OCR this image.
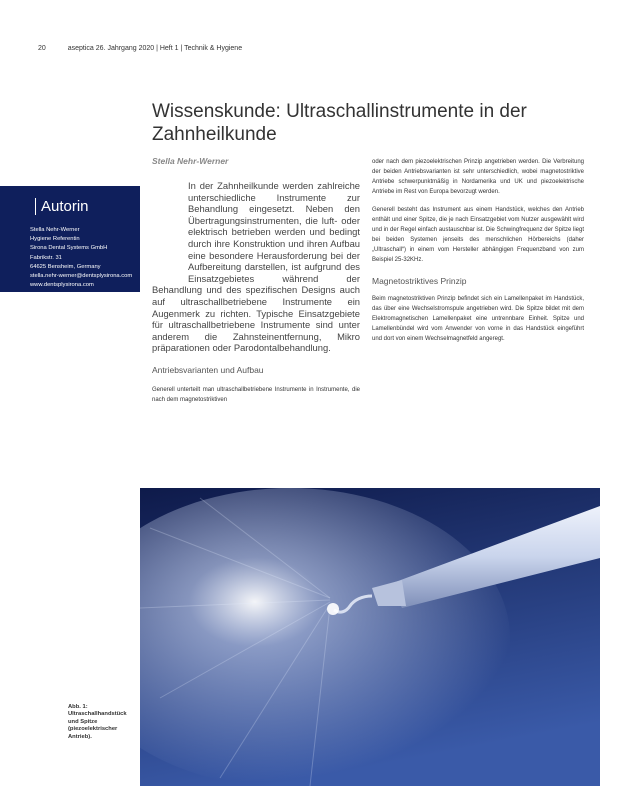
20	aseptica 26. Jahrgang 2020 | Heft 1 | Technik & Hygiene
Wissenskunde: Ultraschallinstrumente in der Zahnheilkunde
Stella Nehr-Werner
Autorin
Stella Nehr-Werner
Hygiene Referentin
Sirona Dental Systems GmbH
Fabrikstr. 31
64625 Bensheim, Germany
stella.nehr-werner@dentsplysirona.com
www.dentsplysirona.com

In der Zahnheilkunde werden zahlreiche unterschiedliche Instrumente zur Behandlung eingesetzt. Neben den Übertragungsinstrumenten, die luft- oder elektrisch betrieben werden und bedingt durch ihre Konstruktion und ihren Aufbau eine besondere Herausforderung bei der Aufbereitung darstellen, ist aufgrund des Einsatzgebietes während der Behandlung und des spezifischen Designs auch auf ultraschallbetriebene Instrumente ein Augenmerk zu richten. Typische Einsatzgebiete für ultraschallbetriebene Instrumente sind unter anderem die Zahnsteinentfernung, Mikro präparationen oder Parodontalbehandlung.

Antriebsvarianten und Aufbau

Generell unterteilt man ultraschallbetriebene Instrumente in Instrumente, die nach dem magnetostriktiven

oder nach dem piezoelektrischen Prinzip angetrieben werden. Die Verbreitung der beiden Antriebsvarianten ist sehr unterschiedlich, wobei magnetostriktive Antriebe schwerpunktmäßig in Nordamerika und UK und piezoelektrische Antriebe im Rest von Europa bevorzugt werden.

Generell besteht das Instrument aus einem Handstück, welches den Antrieb enthält und einer Spitze, die je nach Einsatzgebiet vom Nutzer ausgewählt wird und in der Regel einfach austauschbar ist. Die Schwingfrequenz der Spitze liegt bei beiden Systemen jenseits des menschlichen Hörbereichs (daher „Ultraschall“) in einem vom Hersteller abhängigen Frequenzband von zum Beispiel 25-32KHz.

Magnetostriktives Prinzip

Beim magnetostriktiven Prinzip befindet sich ein Lamellenpaket im Handstück, das über eine Wechselstromspule angetrieben wird. Die Spitze bildet mit dem Elektromagnetischen Lamellenpaket eine untrennbare Einheit. Spitze und Lamellenbündel wird vom Anwender von vorne in das Handstück eingeführt und dort von einem Wechselmagnetfeld angeregt.

Abb. 1: Ultraschallhandstück und Spitze (piezoelektrischer Antrieb).
